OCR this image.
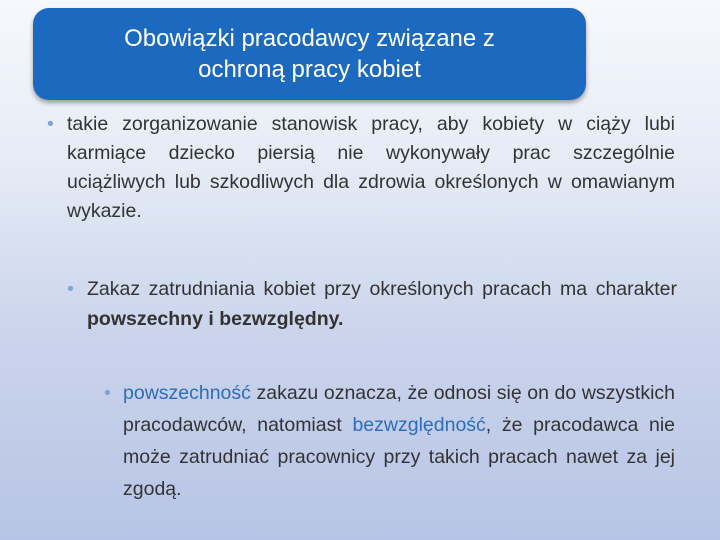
Obowiązki pracodawcy związane z
ochroną pracy kobiet
• takie zorganizowanie stanowisk pracy, aby kobiety w ciąży lubi karmiące dziecko piersią nie wykonywały prac szczególnie uciążliwych lub szkodliwych dla zdrowia określonych w omawianym wykazie.
• Zakaz zatrudniania kobiet przy określonych pracach ma charakter powszechny i bezwzględny.
• powszechność zakazu oznacza, że odnosi się on do wszystkich pracodawców, natomiast bezwzględność, że pracodawca nie może zatrudniać pracownicy przy takich pracach nawet za jej zgodą.
